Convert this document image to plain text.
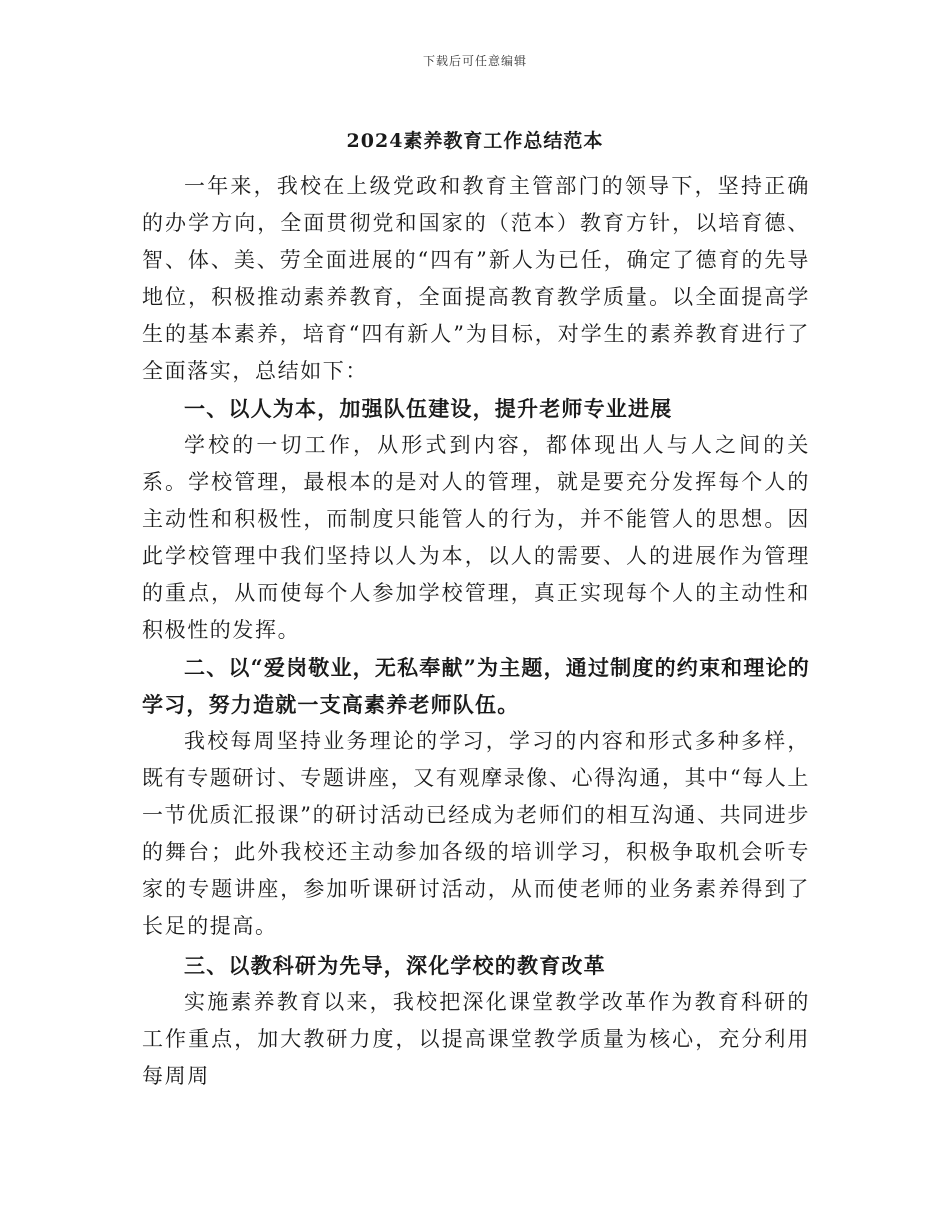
下载后可任意编辑
2024素养教育工作总结范本

一年来，我校在上级党政和教育主管部门的领导下，坚持正确的办学方向，全面贯彻党和国家的（范本）教育方针，以培育德、智、体、美、劳全面进展的“四有”新人为已任，确定了德育的先导地位，积极推动素养教育，全面提高教育教学质量。以全面提高学生的基本素养，培育“四有新人”为目标，对学生的素养教育进行了全面落实，总结如下：

一、以人为本，加强队伍建设，提升老师专业进展

学校的一切工作，从形式到内容，都体现出人与人之间的关系。学校管理，最根本的是对人的管理，就是要充分发挥每个人的主动性和积极性，而制度只能管人的行为，并不能管人的思想。因此学校管理中我们坚持以人为本，以人的需要、人的进展作为管理的重点，从而使每个人参加学校管理，真正实现每个人的主动性和积极性的发挥。

二、以“爱岗敬业，无私奉献”为主题，通过制度的约束和理论的学习，努力造就一支高素养老师队伍。

我校每周坚持业务理论的学习，学习的内容和形式多种多样，既有专题研讨、专题讲座，又有观摩录像、心得沟通，其中“每人上一节优质汇报课”的研讨活动已经成为老师们的相互沟通、共同进步的舞台；此外我校还主动参加各级的培训学习，积极争取机会听专家的专题讲座，参加听课研讨活动，从而使老师的业务素养得到了长足的提高。

三、以教科研为先导，深化学校的教育改革

实施素养教育以来，我校把深化课堂教学改革作为教育科研的工作重点，加大教研力度，以提高课堂教学质量为核心，充分利用每周周
